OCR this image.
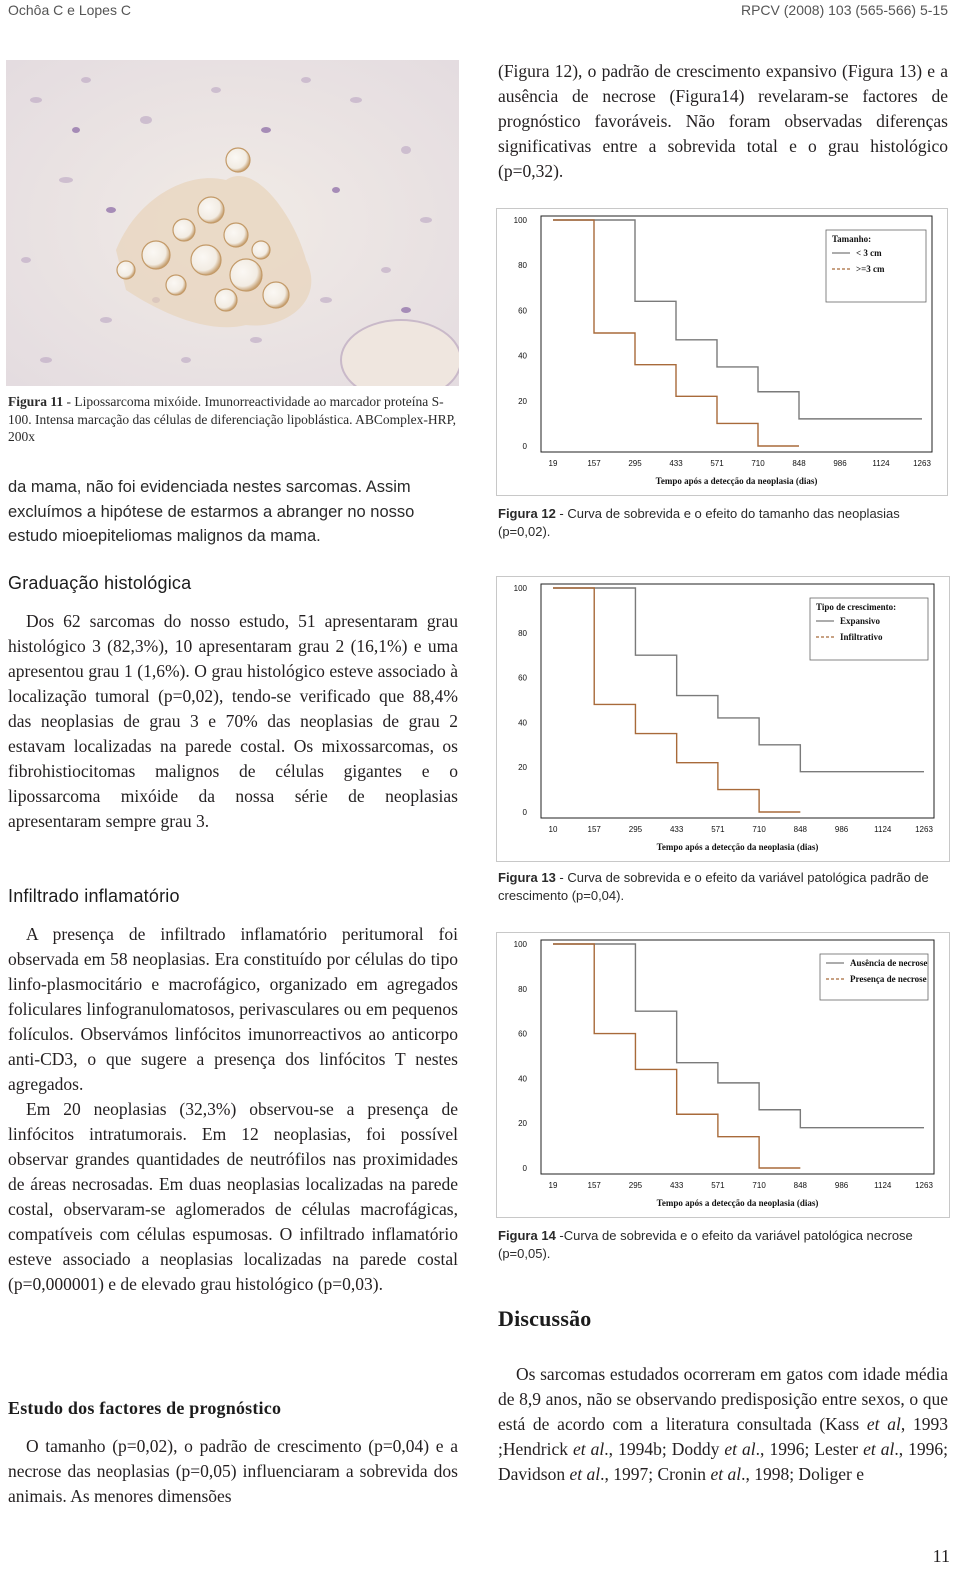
Ochôa C e Lopes C	RPCV (2008) 103 (565-566) 5-15

Figura 11 - Lipossarcoma mixóide. Imunorreactividade ao marcador proteína S-100. Intensa marcação das células de diferenciação lipoblástica. ABComplex-HRP, 200x

da mama, não foi evidenciada nestes sarcomas. Assim excluímos a hipótese de estarmos a abranger no nosso estudo mioepiteliomas malignos da mama.

Graduação histológica

Dos 62 sarcomas do nosso estudo, 51 apresentaram grau histológico 3 (82,3%), 10 apresentaram grau 2 (16,1%) e uma apresentou grau 1 (1,6%). O grau histológico esteve associado à localização tumoral (p=0,02), tendo-se verificado que 88,4% das neoplasias de grau 3 e 70% das neoplasias de grau 2 estavam localizadas na parede costal. Os mixossarcomas, os fibrohistiocitomas malignos de células gigantes e o lipossarcoma mixóide da nossa série de neoplasias apresentaram sempre grau 3.

Infiltrado inflamatório

A presença de infiltrado inflamatório peritumoral foi observada em 58 neoplasias. Era constituído por células do tipo linfo-plasmocitário e macrofágico, organizado em agregados foliculares linfogranulomatosos, perivasculares ou em pequenos folículos. Observámos linfócitos imunorreactivos ao anticorpo anti-CD3, o que sugere a presença dos linfócitos T nestes agregados.

Em 20 neoplasias (32,3%) observou-se a presença de linfócitos intratumorais. Em 12 neoplasias, foi possível observar grandes quantidades de neutrófilos nas proximidades de áreas necrosadas. Em duas neoplasias localizadas na parede costal, observaram-se aglomerados de células macrofágicas, compatíveis com células espumosas. O infiltrado inflamatório esteve associado a neoplasias localizadas na parede costal (p=0,000001) e de elevado grau histológico (p=0,03).

Estudo dos factores de prognóstico

O tamanho (p=0,02), o padrão de crescimento (p=0,04) e a necrose das neoplasias (p=0,05) influenciaram a sobrevida dos animais. As menores dimensões

(Figura 12), o padrão de crescimento expansivo (Figura 13) e a ausência de necrose (Figura14) revelaram-se factores de prognóstico favoráveis. Não foram observadas diferenças significativas entre a sobrevida total e o grau histológico (p=0,32).

0
20
40
60
80
100
19	157	295	433	571	710	848	986	1124	1263
Tempo após a detecção da neoplasia (dias)
Tamanho:
< 3 cm
>=3 cm

Figura 12 - Curva de sobrevida e o efeito do tamanho das neoplasias (p=0,02).

0
20
40
60
80
100
10	157	295	433	571	710	848	986	1124	1263
Tempo após a detecção da neoplasia (dias)
Tipo de crescimento:
Expansivo
Infiltrativo

Figura 13 - Curva de sobrevida e o efeito da variável patológica padrão de crescimento (p=0,04).

0
20
40
60
80
100
19	157	295	433	571	710	848	986	1124	1263
Tempo após a detecção da neoplasia (dias)
Ausência de necrose
Presença de necrose

Figura 14 -Curva de sobrevida e o efeito da variável patológica necrose (p=0,05).

Discussão

Os sarcomas estudados ocorreram em gatos com idade média de 8,9 anos, não se observando predisposição entre sexos, o que está de acordo com a literatura consultada (Kass et al, 1993 ;Hendrick et al., 1994b; Doddy et al., 1996; Lester et al., 1996; Davidson et al., 1997; Cronin et al., 1998; Doliger e

11
